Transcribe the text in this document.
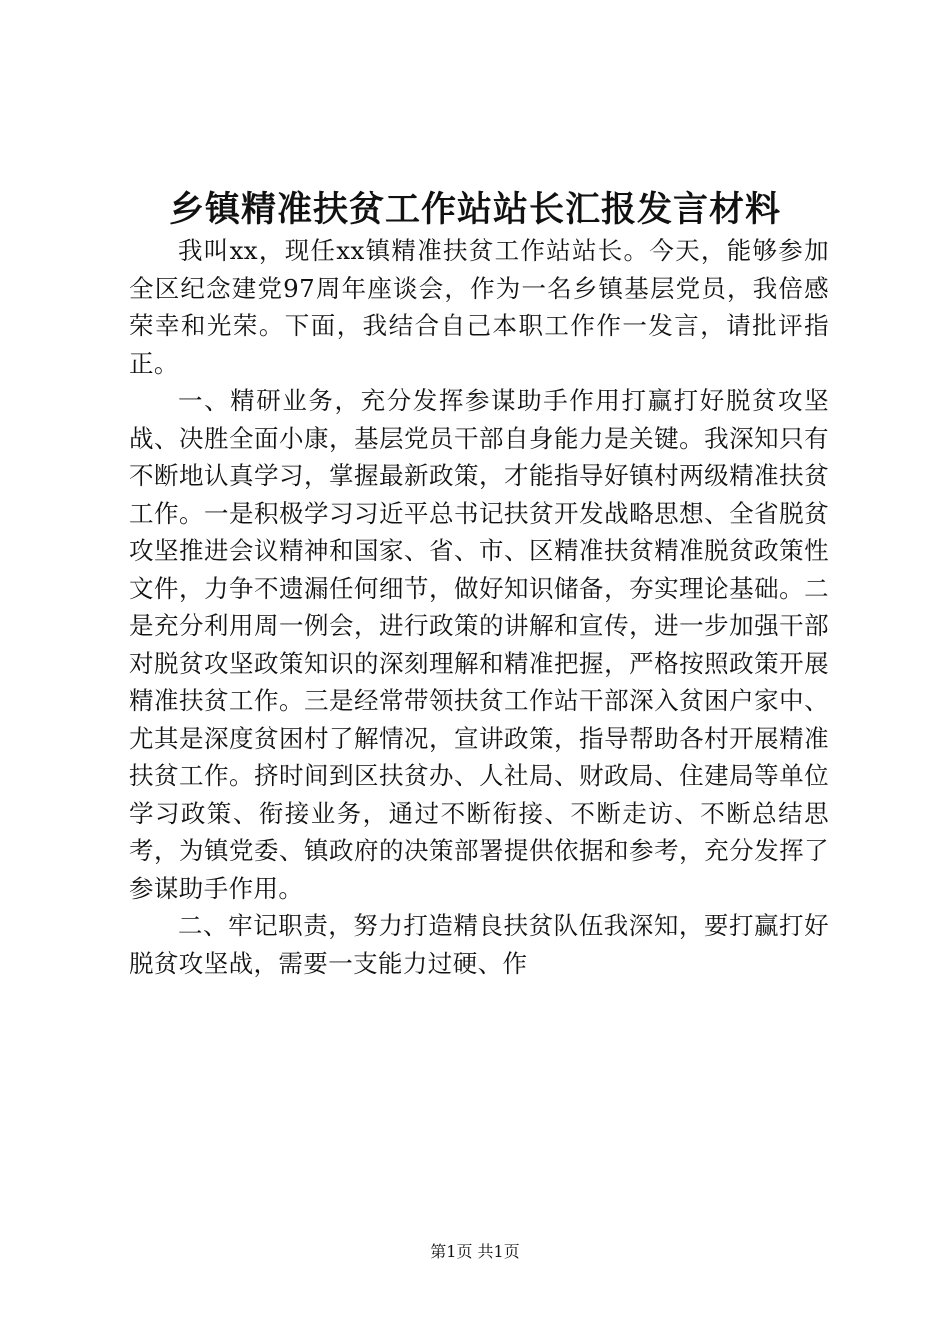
乡镇精准扶贫工作站站长汇报发言材料

我叫xx，现任xx镇精准扶贫工作站站长。今天，能够参加全区纪念建党97周年座谈会，作为一名乡镇基层党员，我倍感荣幸和光荣。下面，我结合自己本职工作作一发言，请批评指正。

一、精研业务，充分发挥参谋助手作用打赢打好脱贫攻坚战、决胜全面小康，基层党员干部自身能力是关键。我深知只有不断地认真学习，掌握最新政策，才能指导好镇村两级精准扶贫工作。一是积极学习习近平总书记扶贫开发战略思想、全省脱贫攻坚推进会议精神和国家、省、市、区精准扶贫精准脱贫政策性文件，力争不遗漏任何细节，做好知识储备，夯实理论基础。二是充分利用周一例会，进行政策的讲解和宣传，进一步加强干部对脱贫攻坚政策知识的深刻理解和精准把握，严格按照政策开展精准扶贫工作。三是经常带领扶贫工作站干部深入贫困户家中、尤其是深度贫困村了解情况，宣讲政策，指导帮助各村开展精准扶贫工作。挤时间到区扶贫办、人社局、财政局、住建局等单位学习政策、衔接业务，通过不断衔接、不断走访、不断总结思考，为镇党委、镇政府的决策部署提供依据和参考，充分发挥了参谋助手作用。

二、牢记职责，努力打造精良扶贫队伍我深知，要打赢打好脱贫攻坚战，需要一支能力过硬、作

第1页 共1页
